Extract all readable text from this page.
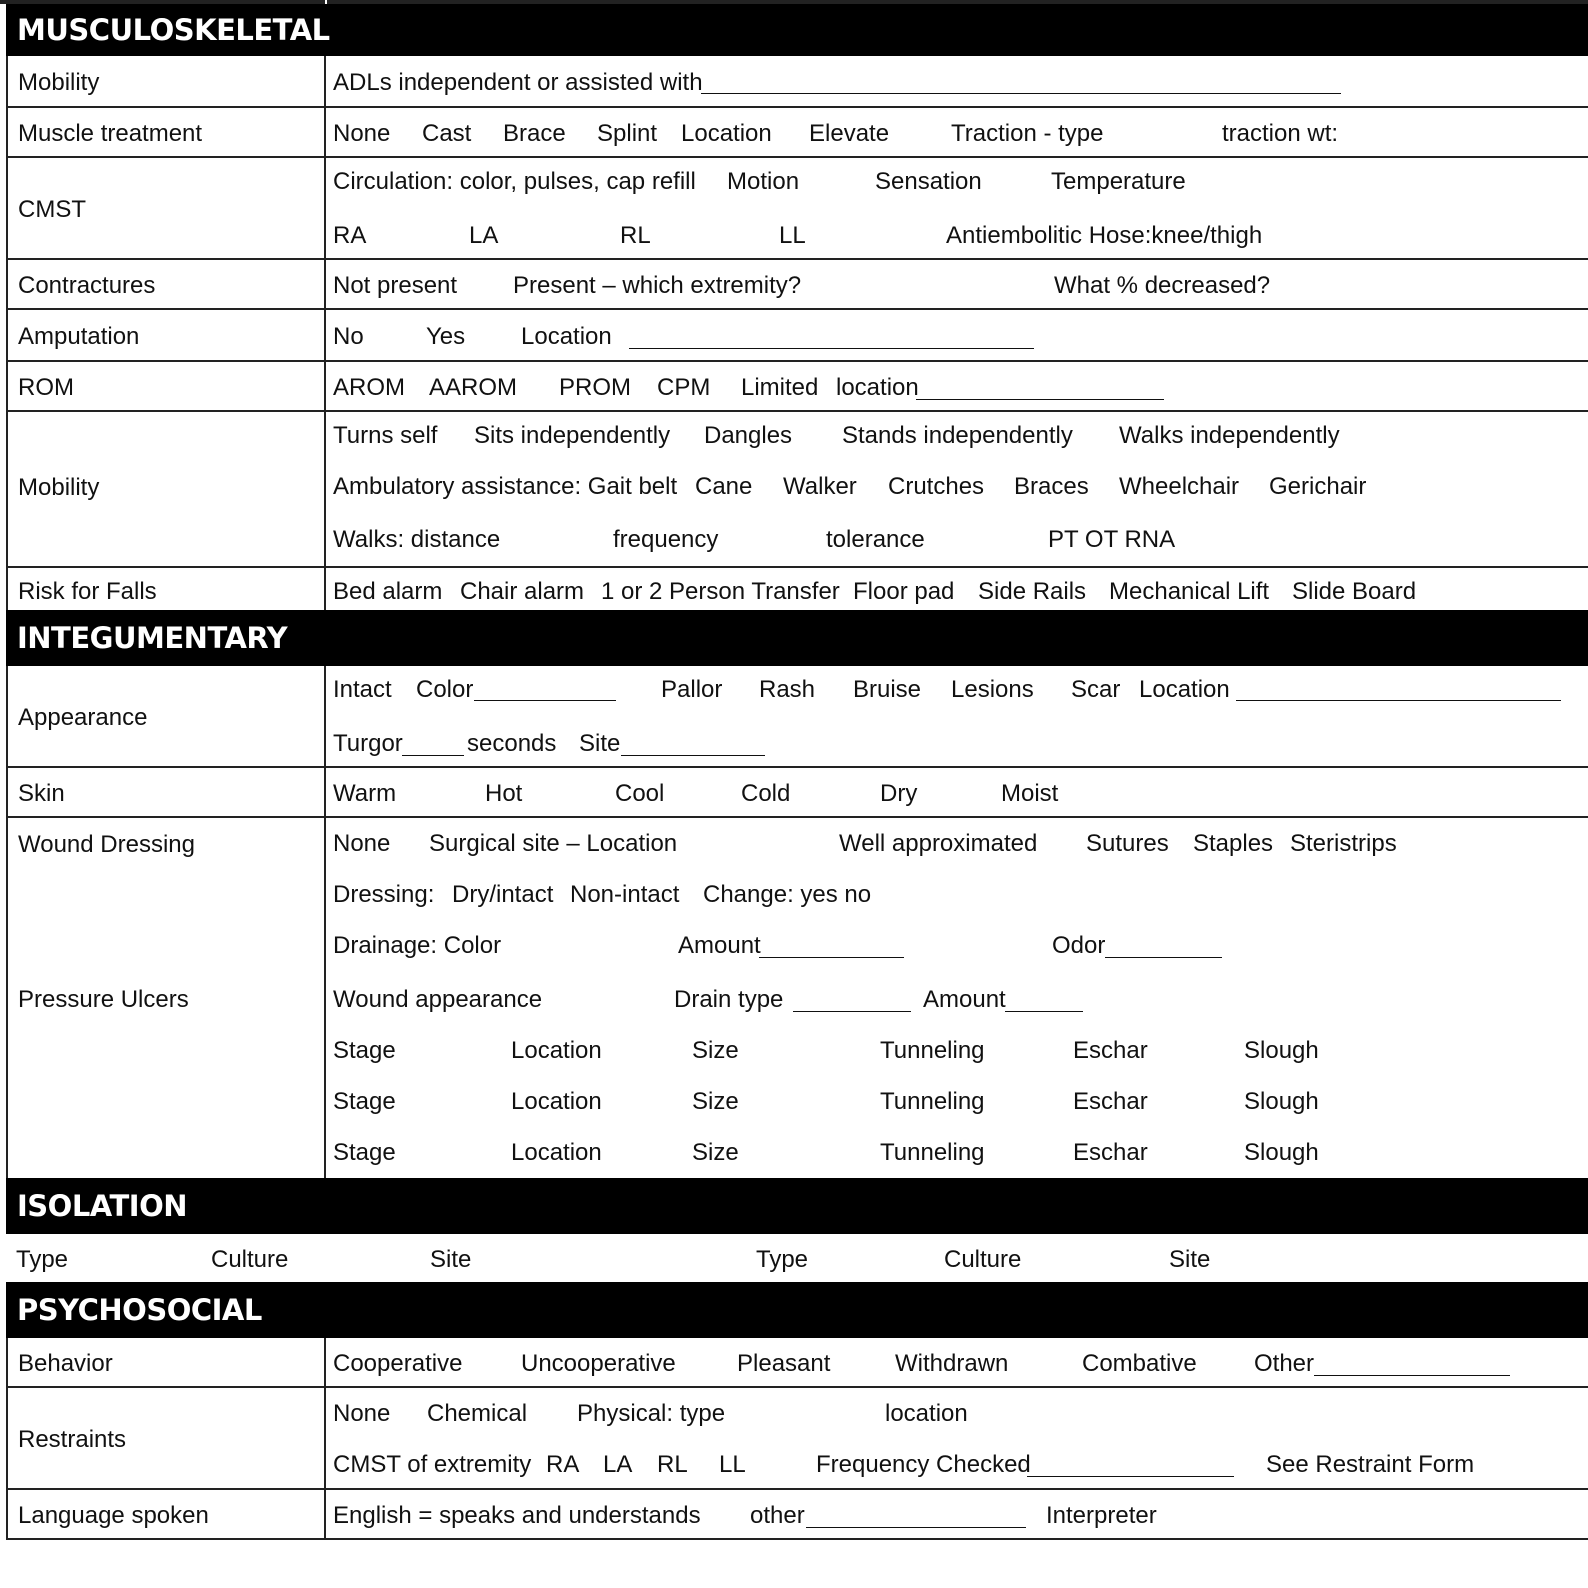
MUSCULOSKELETAL
Mobility	ADLs independent or assisted with
Muscle treatment	None Cast Brace Splint Location Elevate	Traction - type	traction wt:
CMST
Circulation: color, pulses, cap refill Motion	Sensation	Temperature
RA	LA	RL	LL	Antiembolitic Hose:knee/thigh
Contractures	Not present Present – which extremity?	What % decreased?
Amputation	No	Yes Location
ROM	AROM AAROM PROM CPM Limited location
Mobility
Turns self Sits independently Dangles Stands independently Walks independently
Ambulatory assistance: Gait belt Cane Walker Crutches Braces Wheelchair Gerichair
Walks: distance	frequency	tolerance	PT OT RNA
Risk for Falls	Bed alarm Chair alarm 1 or 2 Person Transfer Floor pad Side Rails Mechanical Lift Slide Board
INTEGUMENTARY
Appearance
Intact Color	Pallor Rash Bruise Lesions Scar Location
Turgor	seconds Site
Skin	Warm	Hot	Cool	Cold	Dry	Moist
Wound Dressing
Pressure Ulcers
None Surgical site – Location	Well approximated Sutures Staples Steristrips
Dressing: Dry/intact Non-intact Change: yes no
Drainage: Color	Amount	Odor
Wound appearance	Drain type	Amount
Stage	Location	Size	Tunneling	Eschar	Slough
Stage	Location	Size	Tunneling	Eschar	Slough
Stage	Location	Size	Tunneling	Eschar	Slough
ISOLATION
Type	Culture	Site	Type	Culture	Site
PSYCHOSOCIAL
Behavior	Cooperative Uncooperative	Pleasant	Withdrawn	Combative Other
Restraints
None Chemical Physical: type	location
CMST of extremity RA LA RL LL	Frequency Checked	See Restraint Form
Language spoken	English = speaks and understands other	Interpreter
